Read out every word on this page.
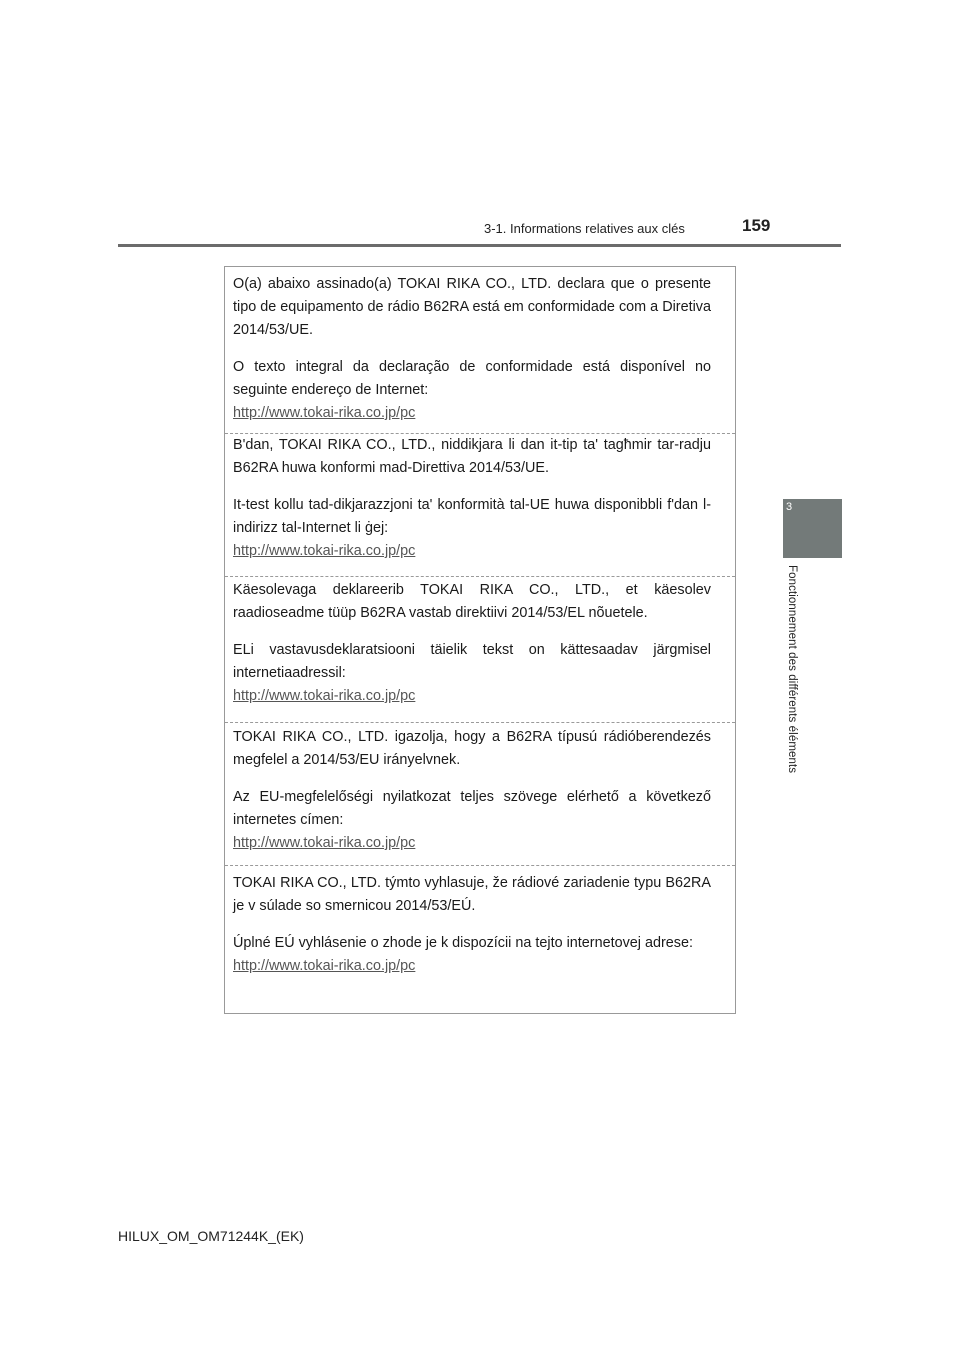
3-1. Informations relatives aux clés	159
3
Fonctionnement des différents éléments

O(a) abaixo assinado(a) TOKAI RIKA CO., LTD. declara que o presente tipo de equipamento de rádio B62RA está em conformidade com a Diretiva 2014/53/UE.

O texto integral da declaração de conformidade está disponível no seguinte endereço de Internet:

http://www.tokai-rika.co.jp/pc

B'dan, TOKAI RIKA CO., LTD., niddikjara li dan it-tip ta' tagħmir tar-radju B62RA huwa konformi mad-Direttiva 2014/53/UE.

It-test kollu tad-dikjarazzjoni ta' konformità tal-UE huwa disponibbli f'dan l-indirizz tal-Internet li ġej:

http://www.tokai-rika.co.jp/pc

Käesolevaga deklareerib TOKAI RIKA CO., LTD., et käesolev raadioseadme tüüp B62RA vastab direktiivi 2014/53/EL nõuetele.

ELi vastavusdeklaratsiooni täielik tekst on kättesaadav järgmisel internetiaadressil:

http://www.tokai-rika.co.jp/pc

TOKAI RIKA CO., LTD. igazolja, hogy a B62RA típusú rádióberendezés megfelel a 2014/53/EU irányelvnek.

Az EU-megfelelőségi nyilatkozat teljes szövege elérhető a következő internetes címen:

http://www.tokai-rika.co.jp/pc

TOKAI RIKA CO., LTD. týmto vyhlasuje, že rádiové zariadenie typu B62RA je v súlade so smernicou 2014/53/EÚ.

Úplné EÚ vyhlásenie o zhode je k dispozícii na tejto internetovej adrese:

http://www.tokai-rika.co.jp/pc
HILUX_OM_OM71244K_(EK)
